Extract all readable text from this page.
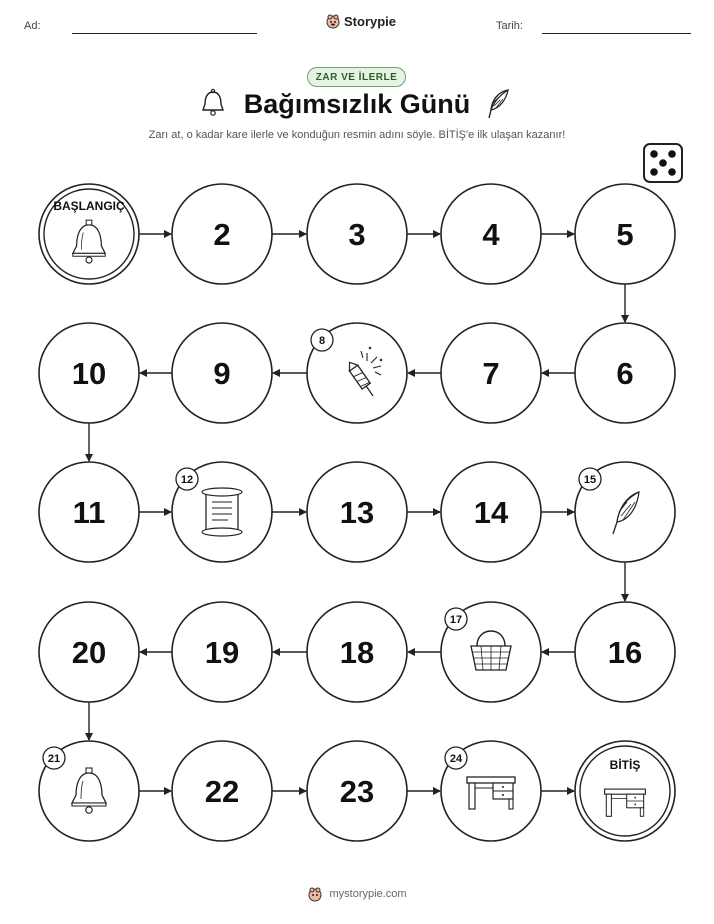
Ad:	Storypie	Tarih:
ZAR VE İLERLE
Bağımsızlık Günü
Zarı at, o kadar kare ilerle ve konduğun resmin adını söyle. BİTİŞ'e ilk ulaşan kazanır!
BAŞLANGIÇ
2	3	4	5
6
7
8
9
10
11
12
13	14
15
16
17
18
19
20
21
22	23
24	BİTİŞ
mystorypie.com
